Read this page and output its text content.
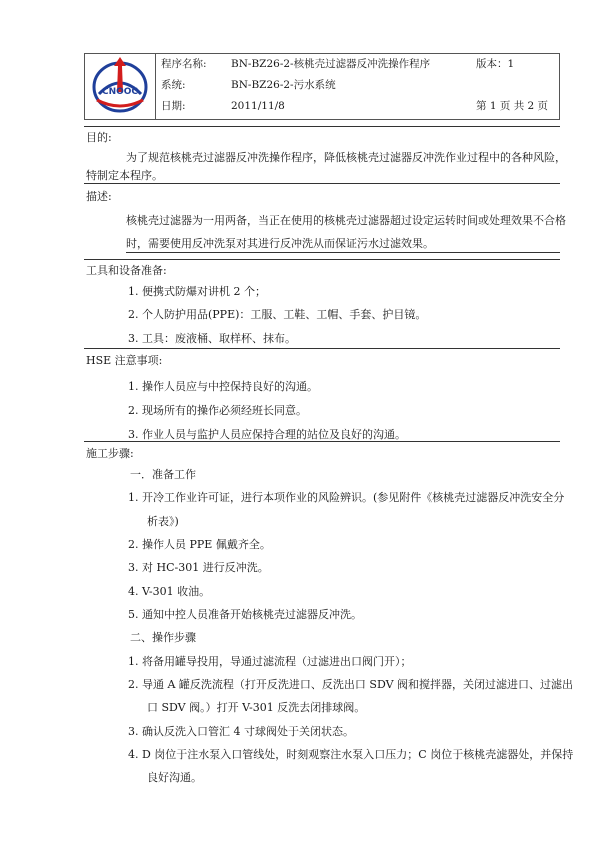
CNOOC
程序名称: BN-BZ26-2-核桃壳过滤器反冲洗操作程序	版本：1
系统:	BN-BZ26-2-污水系统
日期:	2011/11/8	第 1 页 共 2 页
目的:
为了规范核桃壳过滤器反冲洗操作程序，降低核桃壳过滤器反冲洗作业过程中的各种风险，
特制定本程序。
描述:
核桃壳过滤器为一用两备，当正在使用的核桃壳过滤器超过设定运转时间或处理效果不合格
时，需要使用反冲洗泵对其进行反冲洗从而保证污水过滤效果。
工具和设备准备:
1. 便携式防爆对讲机 2 个；
2. 个人防护用品(PPE)：工服、工鞋、工帽、手套、护目镜。
3. 工具：废液桶、取样杯、抹布。
HSE 注意事项:
1. 操作人员应与中控保持良好的沟通。
2. 现场所有的操作必须经班长同意。
3. 作业人员与监护人员应保持合理的站位及良好的沟通。
施工步骤:
一．准备工作
1. 开冷工作业许可证，进行本项作业的风险辨识。(参见附件《核桃壳过滤器反冲洗安全分
析表》)
2. 操作人员 PPE 佩戴齐全。
3. 对 HC-301 进行反冲洗。
4. V-301 收油。
5. 通知中控人员准备开始核桃壳过滤器反冲洗。
二、操作步骤
1. 将备用罐导投用，导通过滤流程（过滤进出口阀门开）；
2. 导通 A 罐反洗流程（打开反洗进口、反洗出口 SDV 阀和搅拌器，关闭过滤进口、过滤出
口 SDV 阀。）打开 V-301 反洗去闭排球阀。
3. 确认反洗入口管汇 4 寸球阀处于关闭状态。
4. D 岗位于注水泵入口管线处，时刻观察注水泵入口压力；C 岗位于核桃壳滤器处，并保持
良好沟通。
